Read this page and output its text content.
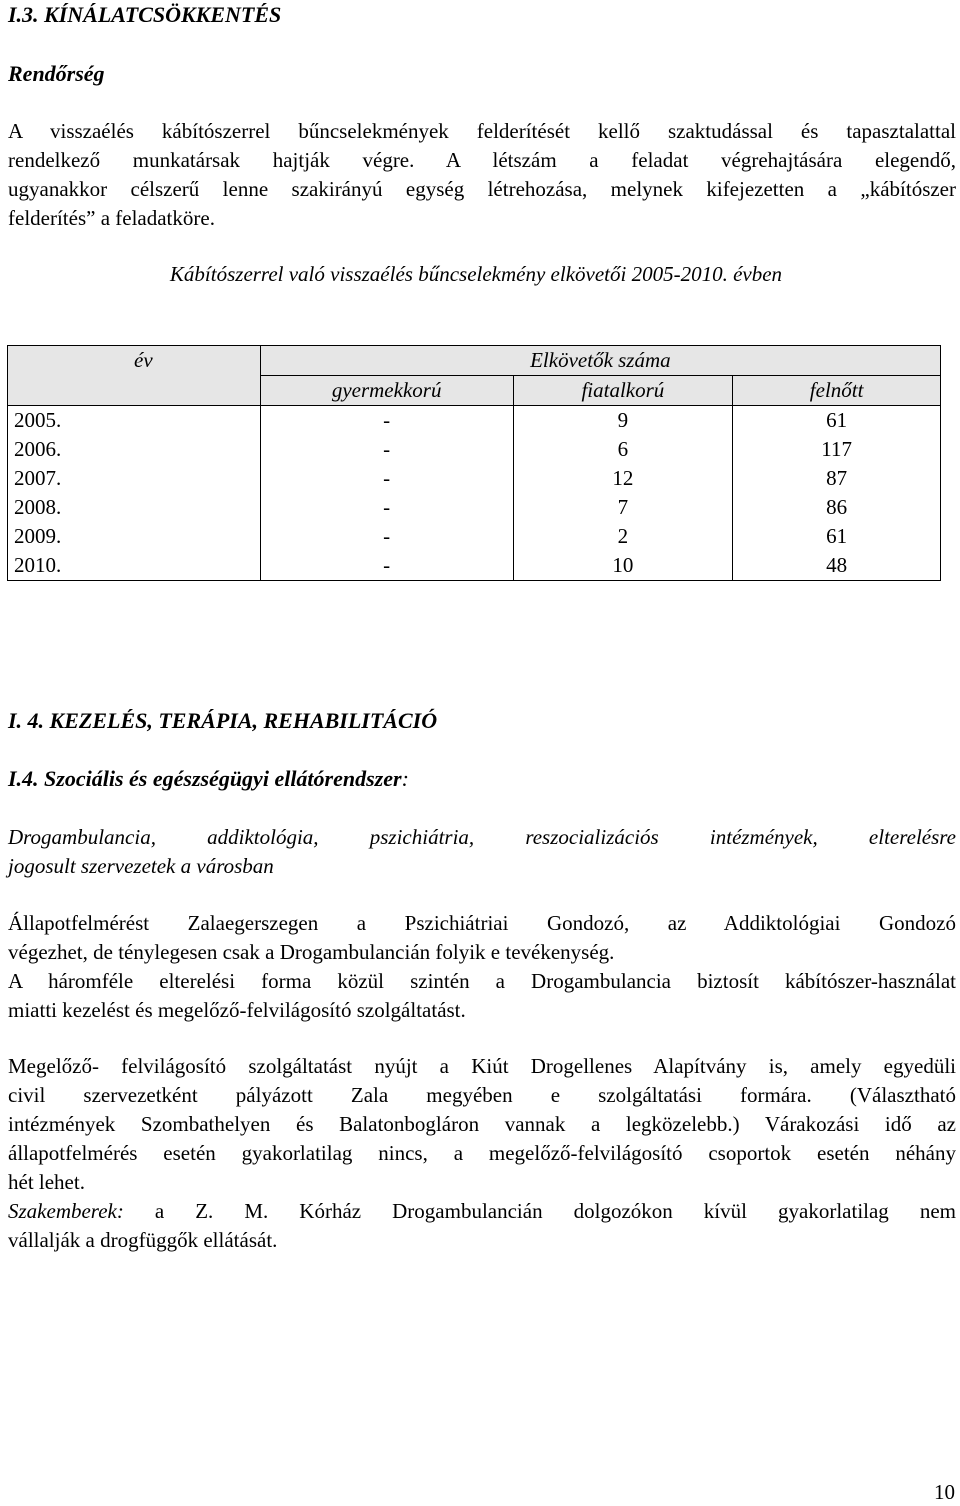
I.3. KÍNÁLATCSÖKKENTÉS
Rendőrség
A visszaélés kábítószerrel bűncselekmények felderítését kellő szaktudással és tapasztalattal
rendelkező munkatársak hajtják végre. A létszám a feladat végrehajtására elegendő,
ugyanakkor célszerű lenne szakirányú egység létrehozása, melynek kifejezetten a „kábítószer
felderítés” a feladatköre.
Kábítószerrel való visszaélés bűncselekmény elkövetői 2005-2010. évben
év	Elkövetők száma		
	gyermekkorú	fiatalkorú	felnőtt
2005.	-	9	61
2006.	-	6	117
2007.	-	12	87
2008.	-	7	86
2009.	-	2	61
2010.	-	10	48
I. 4. KEZELÉS, TERÁPIA, REHABILITÁCIÓ
I.4. Szociális és egészségügyi ellátórendszer:
Drogambulancia, addiktológia, pszichiátria, reszocializációs intézmények, elterelésre
jogosult szervezetek a városban
Állapotfelmérést Zalaegerszegen a Pszichiátriai Gondozó, az Addiktológiai Gondozó
végezhet, de ténylegesen csak a Drogambulancián folyik e tevékenység.
A háromféle elterelési forma közül szintén a Drogambulancia biztosít kábítószer-használat
miatti kezelést és megelőző-felvilágosító szolgáltatást.
Megelőző- felvilágosító szolgáltatást nyújt a Kiút Drogellenes Alapítvány is, amely egyedüli
civil szervezetként pályázott Zala megyében e szolgáltatási formára. (Választható
intézmények Szombathelyen és Balatonbogláron vannak a legközelebb.) Várakozási idő az
állapotfelmérés esetén gyakorlatilag nincs, a megelőző-felvilágosító csoportok esetén néhány
hét lehet.
Szakemberek: a Z. M. Kórház Drogambulancián dolgozókon kívül gyakorlatilag nem
vállalják a drogfüggők ellátását.
10
